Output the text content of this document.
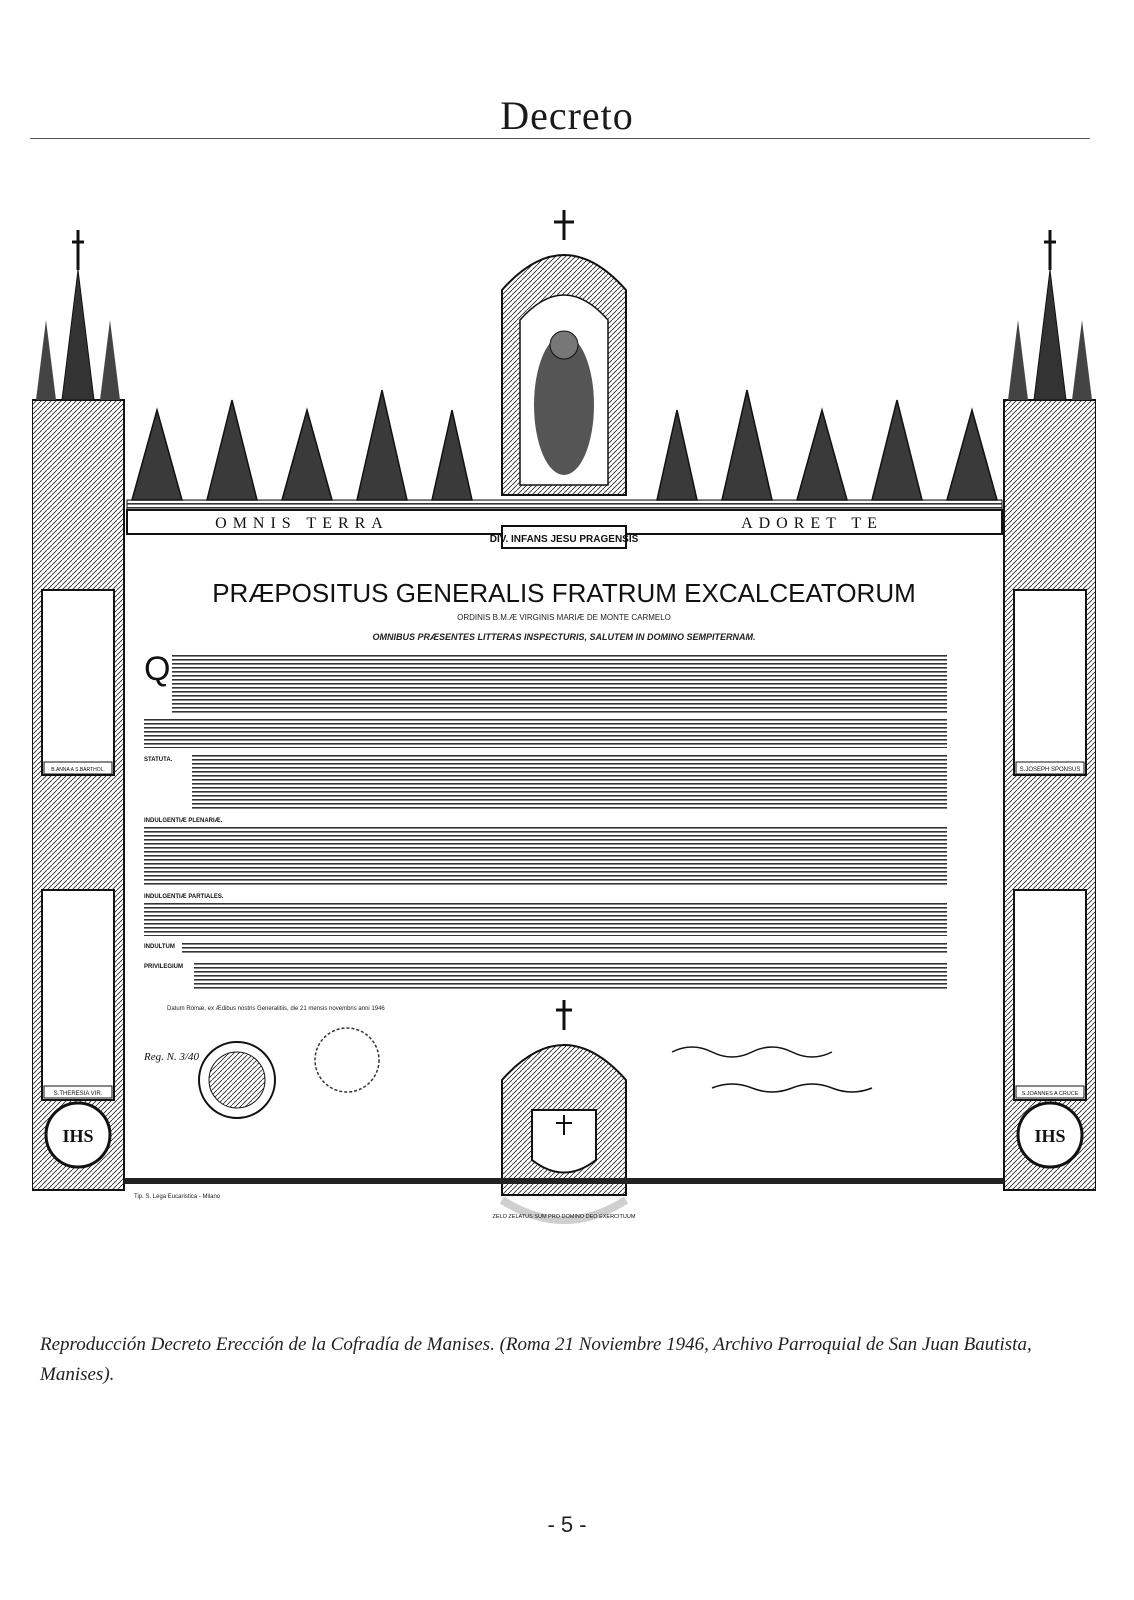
Decreto
OMNIS TERRA	ADORET TE
DIV. INFANS JESU PRAGENSIS
PRÆPOSITUS GENERALIS FRATRUM EXCALCEATORUM
ORDINIS B.M.Æ VIRGINIS MARIÆ DE MONTE CARMELO
OMNIBUS PRÆSENTES LITTERAS INSPECTURIS, SALUTEM IN DOMINO SEMPITERNAM.
Q
STATUTA.
INDULGENTIÆ PLENARIÆ.
INDULGENTIÆ PARTIALES.
INDULTUM
PRIVILEGIUM
Datum Romæ, ex Ædibus nostris Generalitiis, die 21 mensis novembris anni 1946
B.ANNA A S.BARTHOL.
S.THERESIA VIR.
S.JOSEPH SPONSUS
S.JOANNES A CRUCE
IHS	IHS
Reg. N. 3/40
ZELO ZELATUS SUM PRO DOMINO DEO EXERCITUUM
Tip. S. Lega Eucaristica - Milano
Reproducción Decreto Erección de la Cofradía de Manises. (Roma 21 Noviembre 1946, Archivo Parroquial de San Juan Bautista, Manises).
- 5 -
